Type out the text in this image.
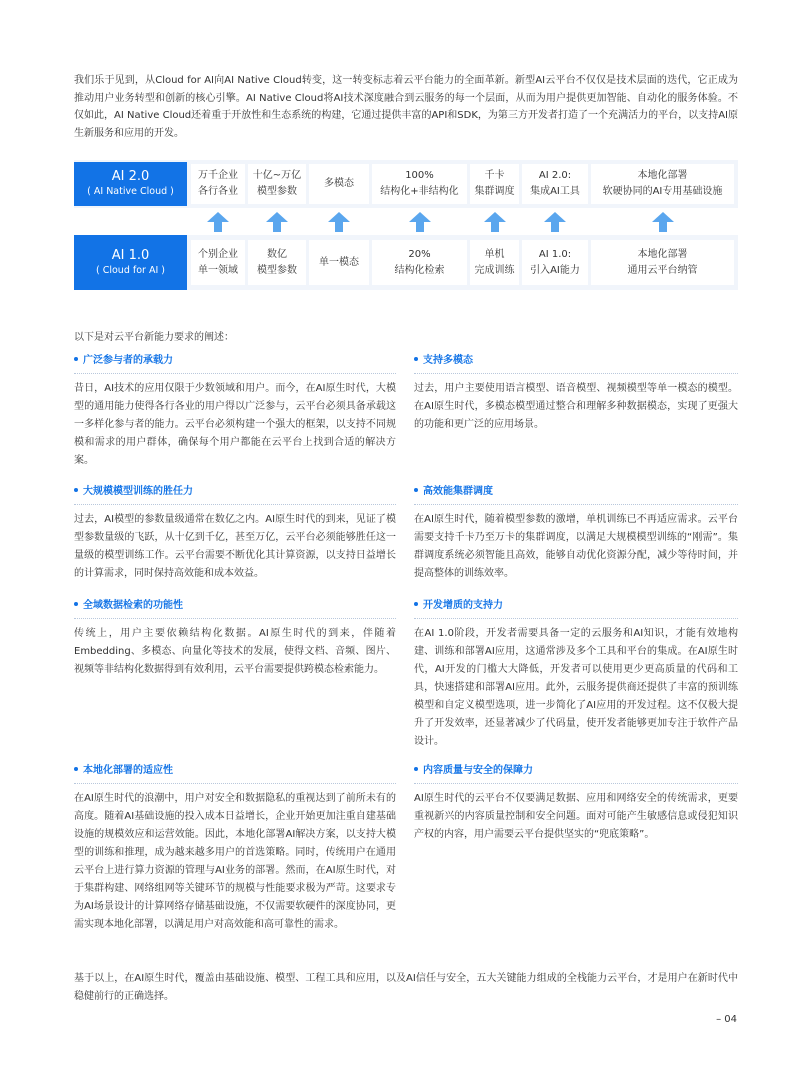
我们乐于见到，从Cloud for AI向AI Native Cloud转变，这一转变标志着云平台能力的全面革新。新型AI云平台不仅仅是技术层面的迭代，它正成为推动用户业务转型和创新的核心引擎。AI Native Cloud将AI技术深度融合到云服务的每一个层面，从而为用户提供更加智能、自动化的服务体验。不仅如此，AI Native Cloud还着重于开放性和生态系统的构建，它通过提供丰富的API和SDK，为第三方开发者打造了一个充满活力的平台，以支持AI原生新服务和应用的开发。
AI 2.0
( AI Native Cloud )
AI 1.0
( Cloud for AI )
万千企业
各行各业
十亿~万亿
模型参数
多模态
100%
结构化+非结构化
千卡
集群调度
AI 2.0:
集成AI工具
本地化部署
软硬协同的AI专用基础设施
个别企业
单一领域
数亿
模型参数
单一模态
20%
结构化检索
单机
完成训练
AI 1.0:
引入AI能力
本地化部署
通用云平台纳管
以下是对云平台新能力要求的阐述：
广泛参与者的承载力
昔日，AI技术的应用仅限于少数领域和用户。而今，在AI原生时代，大模型的通用能力使得各行各业的用户得以广泛参与，云平台必须具备承载这一多样化参与者的能力。云平台必须构建一个强大的框架，以支持不同规模和需求的用户群体，确保每个用户都能在云平台上找到合适的解决方案。
支持多模态
过去，用户主要使用语言模型、语音模型、视频模型等单一模态的模型。在AI原生时代，多模态模型通过整合和理解多种数据模态，实现了更强大的功能和更广泛的应用场景。
大规模模型训练的胜任力
过去，AI模型的参数量级通常在数亿之内。AI原生时代的到来，见证了模型参数量级的飞跃，从十亿到千亿，甚至万亿，云平台必须能够胜任这一量级的模型训练工作。云平台需要不断优化其计算资源，以支持日益增长的计算需求，同时保持高效能和成本效益。
高效能集群调度
在AI原生时代，随着模型参数的激增，单机训练已不再适应需求。云平台需要支持千卡乃至万卡的集群调度，以满足大规模模型训练的“刚需”。集群调度系统必须智能且高效，能够自动优化资源分配，减少等待时间，并提高整体的训练效率。
全域数据检索的功能性
传统上，用户主要依赖结构化数据。AI原生时代的到来，伴随着Embedding、多模态、向量化等技术的发展，使得文档、音频、图片、视频等非结构化数据得到有效利用，云平台需要提供跨模态检索能力。
开发增质的支持力
在AI 1.0阶段，开发者需要具备一定的云服务和AI知识，才能有效地构建、训练和部署AI应用，这通常涉及多个工具和平台的集成。在AI原生时代，AI开发的门槛大大降低，开发者可以使用更少更高质量的代码和工具，快速搭建和部署AI应用。此外，云服务提供商还提供了丰富的预训练模型和自定义模型选项，进一步简化了AI应用的开发过程。这不仅极大提升了开发效率，还显著减少了代码量，使开发者能够更加专注于软件产品设计。
本地化部署的适应性
在AI原生时代的浪潮中，用户对安全和数据隐私的重视达到了前所未有的高度。随着AI基础设施的投入成本日益增长，企业开始更加注重自建基础设施的规模效应和运营效能。因此，本地化部署AI解决方案，以支持大模型的训练和推理，成为越来越多用户的首选策略。同时，传统用户在通用云平台上进行算力资源的管理与AI业务的部署。然而，在AI原生时代，对于集群构建、网络组网等关键环节的规模与性能要求极为严苛。这要求专为AI场景设计的计算网络存储基础设施，不仅需要软硬件的深度协同，更需实现本地化部署，以满足用户对高效能和高可靠性的需求。
内容质量与安全的保障力
AI原生时代的云平台不仅要满足数据、应用和网络安全的传统需求，更要重视新兴的内容质量控制和安全问题。面对可能产生敏感信息或侵犯知识产权的内容，用户需要云平台提供坚实的“兜底策略”。
基于以上，在AI原生时代，覆盖由基础设施、模型、工程工具和应用，以及AI信任与安全，五大关键能力组成的全栈能力云平台，才是用户在新时代中稳健前行的正确选择。
– 04
